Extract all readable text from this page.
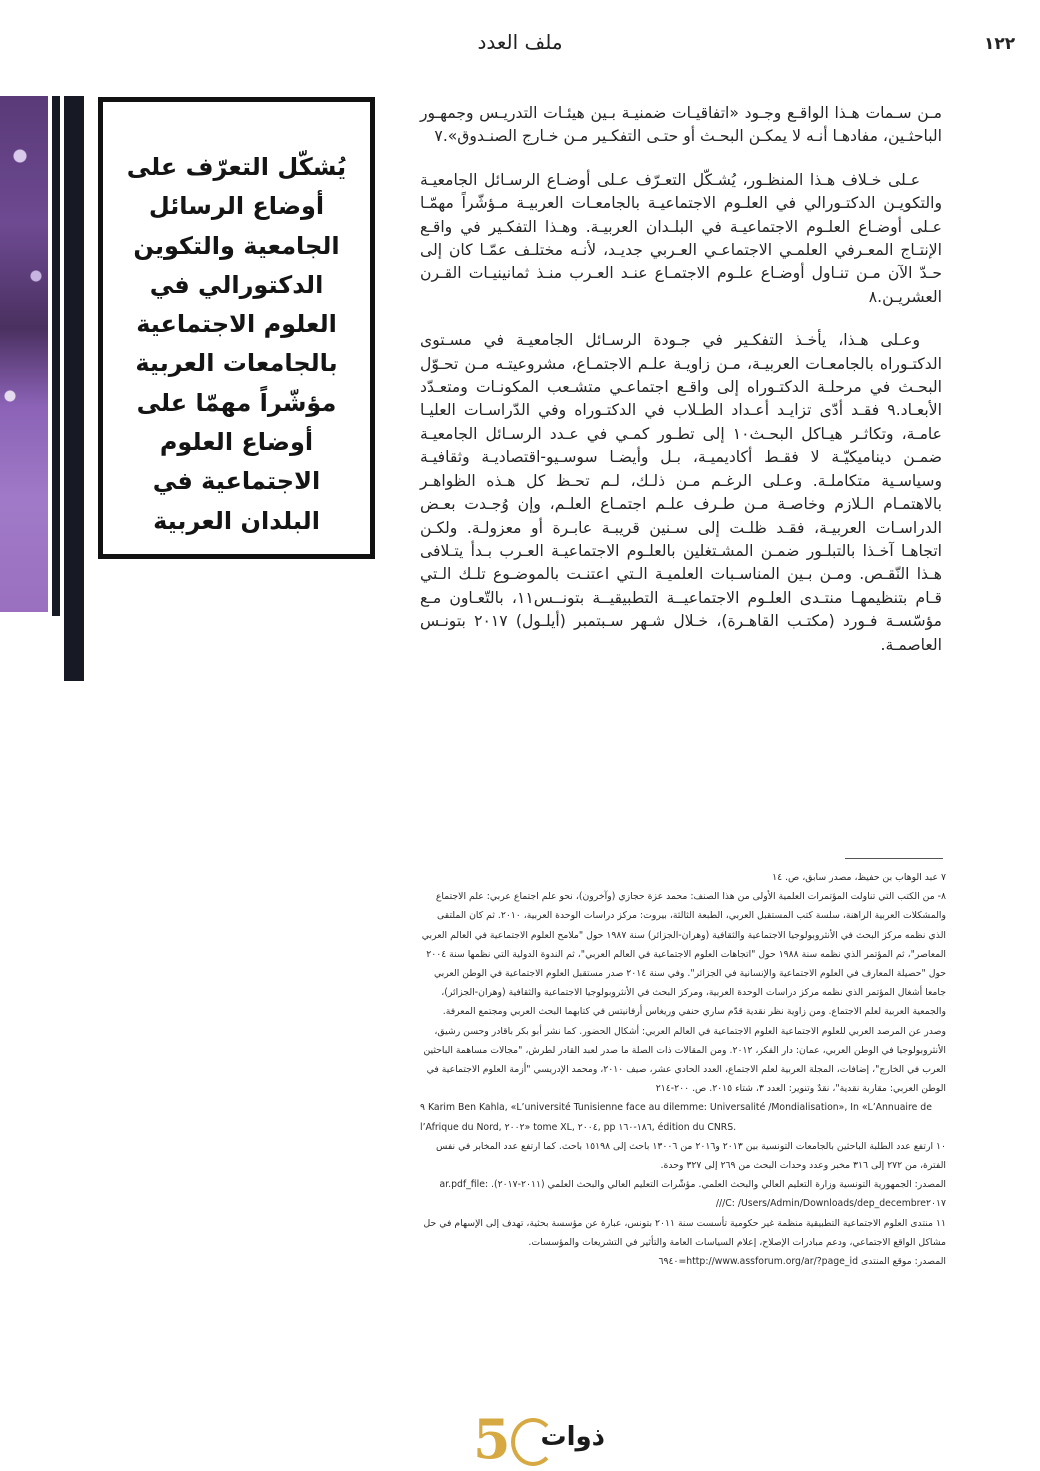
١٢٢
ملف العدد
يُشكّل التعرّف على أوضاع الرسائل الجامعية والتكوين الدكتورالي في العلوم الاجتماعية بالجامعات العربية مؤشّراً مهمّا على أوضاع العلوم الاجتماعية في البلدان العربية

مـن سـمات هـذا الواقـع وجـود «اتفاقيـات ضمنيـة بـين هيئـات التدريـس وجمهـور الباحثـين، مفادهـا أنـه لا يمكـن البحـث أو حتـى التفكـير مـن خـارج الصنـدوق».٧

عـلى خـلاف هـذا المنظـور، يُشـكّل التعـرّف عـلى أوضـاع الرسـائل الجامعيـة والتكويـن الدكتـورالي في العلـوم الاجتماعيـة بالجامعـات العربيـة مـؤشّراً مهمّـا عـلى أوضـاع العلـوم الاجتماعيـة في البلـدان العربيـة. وهـذا التفكـير في واقـع الإنتـاج المعـرفي العلمـي الاجتماعـي العـربي جديـد، لأنـه مختلـف عمّـا كان إلى حـدّ الآن مـن تنـاول أوضـاع علـوم الاجتمـاع عنـد العـرب منـذ ثمانينيـات القـرن العشريـن.٨

وعـلى هـذا، يأخـذ التفكـير في جـودة الرسـائل الجامعيـة في مسـتوى الدكتـوراه بالجامعـات العربيـة، مـن زاويـة علـم الاجتمـاع، مشروعيتـه مـن تحـوّل البحـث في مرحلـة الدكتـوراه إلى واقـع اجتماعـي متشـعب المكونـات ومتعـدّد الأبعـاد.٩ فقـد أدّى تزايـد أعـداد الطـلاب في الدكتـوراه وفي الدّراسـات العليـا عامـة، وتكاثـر هيـاكل البحـث١٠ إلى تطـور كمـي في عـدد الرسـائل الجامعيـة ضمـن ديناميكيّـة لا فقـط أكاديميـة، بـل وأيضـا سوسـيو-اقتصاديـة وثقافيـة وسياسـية متكاملـة. وعـلى الرغـم مـن ذلـك، لـم تحـظ كل هـذه الظواهـر بالاهتمـام الـلازم وخاصـة مـن طـرف علـم اجتمـاع العلـم، وإن وُجـدت بعـض الدراسـات العربيـة، فقـد ظلـت إلى سـنين قريبـة عابـرة أو معزولـة. ولكـن اتجاهـا آخـذا بالتبلـور ضمـن المشـتغلين بالعلـوم الاجتماعيـة العـرب بـدأ يتـلافى هـذا النّقـص. ومـن بـين المناسـبات العلميـة الـتي اعتنـت بالموضـوع تلـك الـتي قـام بتنظيمهـا منتـدى العلـوم الاجتماعيــة التطبيقيــة بتونــس١١، بالتّعـاون مـع مؤسّسـة فـورد (مكتـب القاهـرة)، خـلال شـهر سـبتمبر (أيلـول) ٢٠١٧ بتونـس العاصمـة.

٧ عبد الوهاب بن حفيظ، مصدر سابق، ص. ١٤

٨- من الكتب التي تناولت المؤتمرات العلمية الأولى من هذا الصنف: محمد عزة حجازي (وآخرون)، نحو علم اجتماع عربي: علم الاجتماع والمشكلات العربية الراهنة، سلسة كتب المستقبل العربي، الطبعة الثالثة، بيروت: مركز دراسات الوحدة العربية، ٢٠١٠. ثم كان الملتقى الذي نظمه مركز البحث في الأنثروبولوجيا الاجتماعية والثقافية (وهران-الجزائر) سنة ١٩٨٧ حول "ملامح العلوم الاجتماعية في العالم العربي المعاصر"، ثم المؤتمر الذي نظمه سنة ١٩٨٨ حول "اتجاهات العلوم الاجتماعية في العالم العربي"، ثم الندوة الدولية التي نظمها سنة ٢٠٠٤ حول "حصيلة المعارف في العلوم الاجتماعية والإنسانية في الجزائر". وفي سنة ٢٠١٤ صدر مستقبل العلوم الاجتماعية في الوطن العربي جامعا أشغال المؤتمر الذي نظمه مركز دراسات الوحدة العربية، ومركز البحث في الأنثروبولوجيا الاجتماعية والثقافية (وهران-الجزائر)، والجمعية العربية لعلم الاجتماع. ومن زاوية نظر نقدية قدّم ساري حنفي وريغاس أرفانيتس في كتابهما البحث العربي ومجتمع المعرفة. وصدر عن المرصد العربي للعلوم الاجتماعية العلوم الاجتماعية في العالم العربي: أشكال الحضور. كما نشر أبو بكر باقادر وحسن رشيق، الأنثروبولوجيا في الوطن العربي، عمان: دار الفكر، ٢٠١٢. ومن المقالات ذات الصلة ما صدر لعبد القادر لطرش، "مجالات مساهمة الباحثين العرب في الخارج"، إضافات، المجلة العربية لعلم الاجتماع، العدد الحادي عشر، صيف ٢٠١٠، ومحمد الإدريسي "أزمة العلوم الاجتماعية في الوطن العربي: مقاربة نقدية"، نقدٌ وتنوير: العدد ٣، شتاء ٢٠١٥. ص. ٢٠٠-٢١٤

٩ Karim Ben Kahla, «L’université Tunisienne face au dilemme: Universalité /Mondialisation», In «L’Annuaire de l’Afrique du Nord, ٢٠٠٢» tome XL, ٢٠٠٤, pp ١٨٦-١٦٠, édition du CNRS.

١٠ ارتفع عدد الطلبة الباحثين بالجامعات التونسية بين ٢٠١٣ و٢٠١٦ من ١٣٠٠٦ باحث إلى ١٥١٩٨ باحث. كما ارتفع عدد المخابر في نفس الفترة، من ٢٧٢ إلى ٣١٦ مخبر وعدد وحدات البحث من ٢٦٩ إلى ٣٢٧ وحدة.

المصدر: الجمهورية التونسية وزارة التعليم العالي والبحث العلمي. مؤشّرات التعليم العالي والبحث العلمي (٢٠١١-٢٠١٧). ar.pdf_file: ///C: /Users/Admin/Downloads/dep_decembre٢٠١٧

١١ منتدى العلوم الاجتماعية التطبيقية منظمة غير حكومية تأسست سنة ٢٠١١ بتونس، عبارة عن مؤسسة بحثية، تهدف إلى الإسهام في حل مشاكل الواقع الاجتماعي، ودعم مبادرات الإصلاح، إعلام السياسات العامة والتأثير في التشريعات والمؤسسات.

المصدر: موقع المنتدى http://www.assforum.org/ar/?page_id=٦٩٤٠

5	ذوات
